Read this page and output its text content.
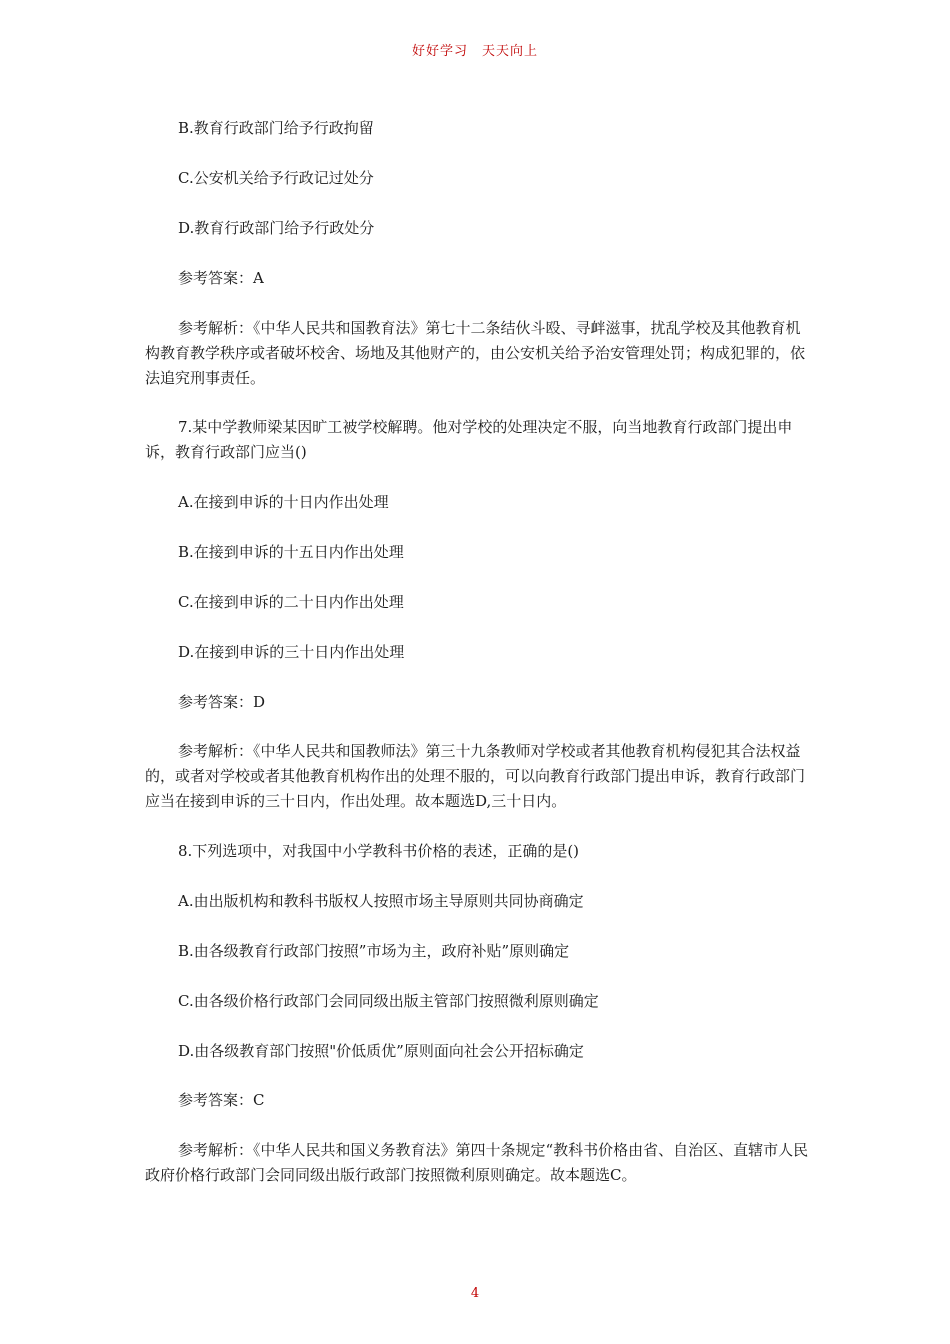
好好学习　天天向上
B.教育行政部门给予行政拘留
C.公安机关给予行政记过处分
D.教育行政部门给予行政处分
参考答案：A
参考解析：《中华人民共和国教育法》第七十二条结伙斗殴、寻衅滋事，扰乱学校及其他教育机构教育教学秩序或者破坏校舍、场地及其他财产的，由公安机关给予治安管理处罚；构成犯罪的，依法追究刑事责任。
7.某中学教师梁某因旷工被学校解聘。他对学校的处理决定不服，向当地教育行政部门提出申诉，教育行政部门应当()
A.在接到申诉的十日内作出处理
B.在接到申诉的十五日内作出处理
C.在接到申诉的二十日内作出处理
D.在接到申诉的三十日内作出处理
参考答案：D
参考解析：《中华人民共和国教师法》第三十九条教师对学校或者其他教育机构侵犯其合法权益的，或者对学校或者其他教育机构作出的处理不服的，可以向教育行政部门提出申诉，教育行政部门应当在接到申诉的三十日内，作出处理。故本题选D,三十日内。
8.下列选项中，对我国中小学教科书价格的表述，正确的是()
A.由出版机构和教科书版权人按照市场主导原则共同协商确定
B.由各级教育行政部门按照”市场为主，政府补贴”原则确定
C.由各级价格行政部门会同同级出版主管部门按照微利原则确定
D.由各级教育部门按照"价低质优”原则面向社会公开招标确定
参考答案：C
参考解析：《中华人民共和国义务教育法》第四十条规定“教科书价格由省、自治区、直辖市人民政府价格行政部门会同同级出版行政部门按照微利原则确定。故本题选C。
4
